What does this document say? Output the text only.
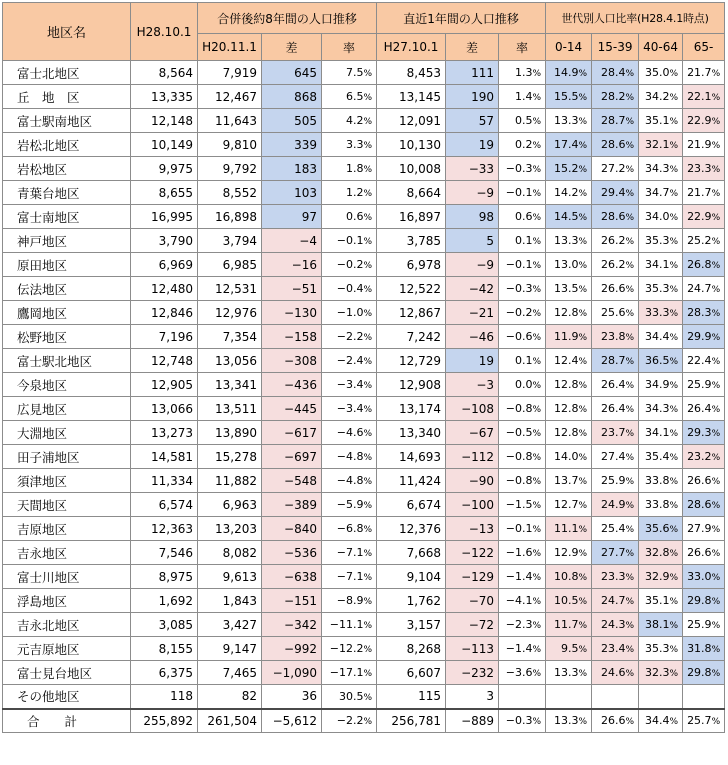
地区名	H28.10.1	合併後約8年間の人口推移			直近1年間の人口推移			世代別人口比率(H28.4.1時点)			
		H20.11.1	差	率	H27.10.1	差	率	0-14	15-39	40-64	65-
富士北地区	8,564	7,919	645	7.5%	8,453	111	1.3%	14.9%	28.4%	35.0%	21.7%
丘　地　区	13,335	12,467	868	6.5%	13,145	190	1.4%	15.5%	28.2%	34.2%	22.1%
富士駅南地区	12,148	11,643	505	4.2%	12,091	57	0.5%	13.3%	28.7%	35.1%	22.9%
岩松北地区	10,149	9,810	339	3.3%	10,130	19	0.2%	17.4%	28.6%	32.1%	21.9%
岩松地区	9,975	9,792	183	1.8%	10,008	−33	−0.3%	15.2%	27.2%	34.3%	23.3%
青葉台地区	8,655	8,552	103	1.2%	8,664	−9	−0.1%	14.2%	29.4%	34.7%	21.7%
富士南地区	16,995	16,898	97	0.6%	16,897	98	0.6%	14.5%	28.6%	34.0%	22.9%
神戸地区	3,790	3,794	−4	−0.1%	3,785	5	0.1%	13.3%	26.2%	35.3%	25.2%
原田地区	6,969	6,985	−16	−0.2%	6,978	−9	−0.1%	13.0%	26.2%	34.1%	26.8%
伝法地区	12,480	12,531	−51	−0.4%	12,522	−42	−0.3%	13.5%	26.6%	35.3%	24.7%
鷹岡地区	12,846	12,976	−130	−1.0%	12,867	−21	−0.2%	12.8%	25.6%	33.3%	28.3%
松野地区	7,196	7,354	−158	−2.2%	7,242	−46	−0.6%	11.9%	23.8%	34.4%	29.9%
富士駅北地区	12,748	13,056	−308	−2.4%	12,729	19	0.1%	12.4%	28.7%	36.5%	22.4%
今泉地区	12,905	13,341	−436	−3.4%	12,908	−3	0.0%	12.8%	26.4%	34.9%	25.9%
広見地区	13,066	13,511	−445	−3.4%	13,174	−108	−0.8%	12.8%	26.4%	34.3%	26.4%
大淵地区	13,273	13,890	−617	−4.6%	13,340	−67	−0.5%	12.8%	23.7%	34.1%	29.3%
田子浦地区	14,581	15,278	−697	−4.8%	14,693	−112	−0.8%	14.0%	27.4%	35.4%	23.2%
須津地区	11,334	11,882	−548	−4.8%	11,424	−90	−0.8%	13.7%	25.9%	33.8%	26.6%
天間地区	6,574	6,963	−389	−5.9%	6,674	−100	−1.5%	12.7%	24.9%	33.8%	28.6%
吉原地区	12,363	13,203	−840	−6.8%	12,376	−13	−0.1%	11.1%	25.4%	35.6%	27.9%
吉永地区	7,546	8,082	−536	−7.1%	7,668	−122	−1.6%	12.9%	27.7%	32.8%	26.6%
富士川地区	8,975	9,613	−638	−7.1%	9,104	−129	−1.4%	10.8%	23.3%	32.9%	33.0%
浮島地区	1,692	1,843	−151	−8.9%	1,762	−70	−4.1%	10.5%	24.7%	35.1%	29.8%
吉永北地区	3,085	3,427	−342	−11.1%	3,157	−72	−2.3%	11.7%	24.3%	38.1%	25.9%
元吉原地区	8,155	9,147	−992	−12.2%	8,268	−113	−1.4%	9.5%	23.4%	35.3%	31.8%
富士見台地区	6,375	7,465	−1,090	−17.1%	6,607	−232	−3.6%	13.3%	24.6%	32.3%	29.8%
その他地区	118	82	36	30.5%	115	3					
合　　計	255,892	261,504	−5,612	−2.2%	256,781	−889	−0.3%	13.3%	26.6%	34.4%	25.7%
